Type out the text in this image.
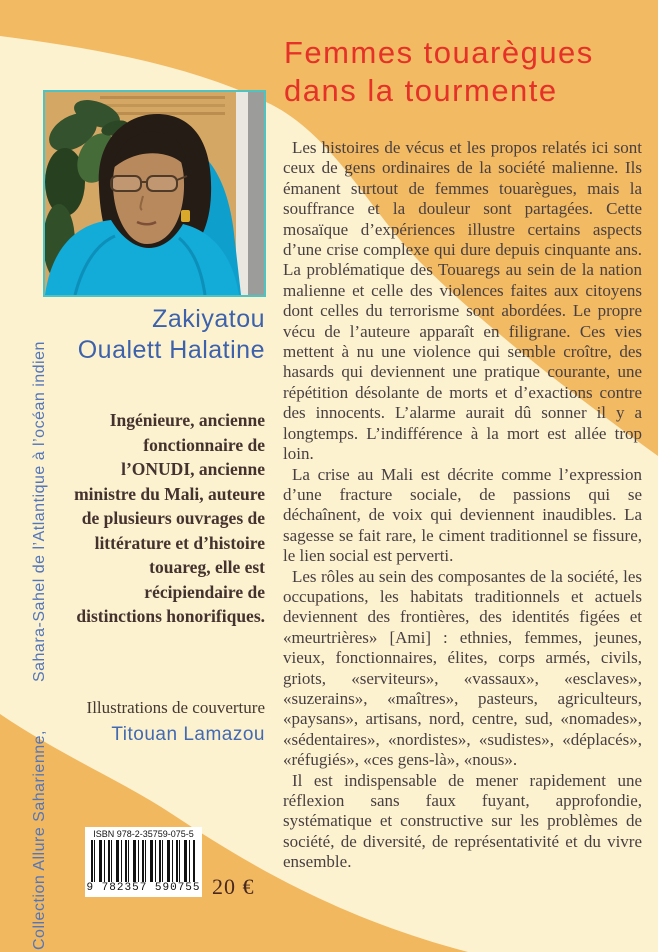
Collection Allure Saharienne,
Sahara-Sahel de l’Atlantique à l’océan indien
Femmes touarègues
dans la tourmente
Zakiyatou
Oualett Halatine
Ingénieure, ancienne fonctionnaire de l’ONUDI, ancienne ministre du Mali, auteure de plusieurs ouvrages de littérature et d’histoire touareg, elle est récipiendaire de distinctions honorifiques.
Illustrations de couverture
Titouan Lamazou

Les histoires de vécus et les propos relatés ici sont ceux de gens ordinaires de la société malienne. Ils émanent surtout de femmes touarègues, mais la souffrance et la douleur sont partagées. Cette mosaïque d’expériences illustre certains aspects d’une crise complexe qui dure depuis cinquante ans. La problématique des Touaregs au sein de la nation malienne et celle des violences faites aux citoyens dont celles du terrorisme sont abordées. Le propre vécu de l’auteure apparaît en filigrane. Ces vies mettent à nu une violence qui semble croître, des hasards qui deviennent une pratique courante, une répétition désolante de morts et d’exactions contre des innocents. L’alarme aurait dû sonner il y a longtemps. L’indifférence à la mort est allée trop loin.

La crise au Mali est décrite comme l’expression d’une fracture sociale, de passions qui se déchaînent, de voix qui deviennent inaudibles. La sagesse se fait rare, le ciment traditionnel se fissure, le lien social est perverti.

Les rôles au sein des composantes de la société, les occupations, les habitats traditionnels et actuels deviennent des frontières, des identités figées et «meurtrières» [Ami] : ethnies, femmes, jeunes, vieux, fonctionnaires, élites, corps armés, civils, griots, «serviteurs», «vassaux», «esclaves», «suzerains», «maîtres», pasteurs, agriculteurs, «paysans», artisans, nord, centre, sud, «nomades», «sédentaires», «nordistes», «sudistes», «déplacés», «réfugiés», «ces gens-là», «nous».

Il est indispensable de mener rapidement une réflexion sans faux fuyant, approfondie, systématique et constructive sur les problèmes de société, de diversité, de représentativité et du vivre ensemble.

ISBN 978-2-35759-075-5
9 782357 590755 20 €
